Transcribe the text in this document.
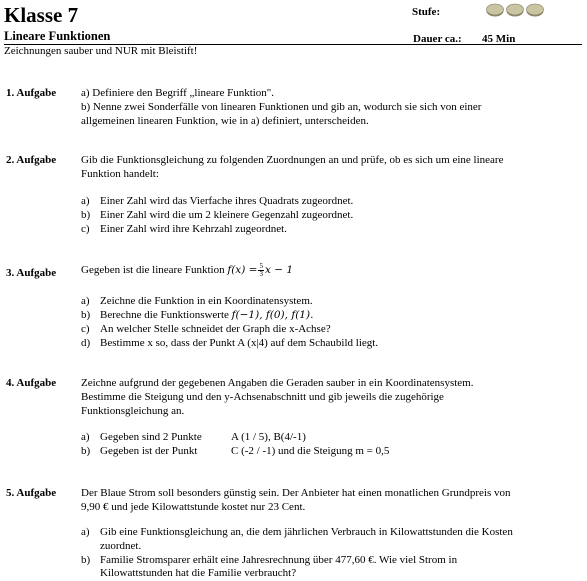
Klasse 7	Stufe:
Lineare Funktionen	Dauer ca.: 45 Min
Zeichnungen sauber und NUR mit Bleistift!
1. Aufgabe a) Definiere den Begriff „lineare Funktion".
b) Nenne zwei Sonderfälle von linearen Funktionen und gib an, wodurch sie sich von einer
allgemeinen linearen Funktion, wie in a) definiert, unterscheiden.
2. Aufgabe Gib die Funktionsgleichung zu folgenden Zuordnungen an und prüfe, ob es sich um eine lineare
Funktion handelt:
a) Einer Zahl wird das Vierfache ihres Quadrats zugeordnet.
b) Einer Zahl wird die um 2 kleinere Gegenzahl zugeordnet.
c) Einer Zahl wird ihre Kehrzahl zugeordnet.
3. Aufgabe Gegeben ist die lineare Funktion $f(x) = \frac{5}{3}$ x − 1
a) Zeichne die Funktion in ein Koordinatensystem.
b) Berechne die Funktionswerte f(−1), f(0), f(1).
c) An welcher Stelle schneidet der Graph die x-Achse?
d) Bestimme x so, dass der Punkt A (x|4) auf dem Schaubild liegt.
4. Aufgabe Zeichne aufgrund der gegebenen Angaben die Geraden sauber in ein Koordinatensystem.
Bestimme die Steigung und den y-Achsenabschnitt und gib jeweils die zugehörige
Funktionsgleichung an.
a) Gegeben sind 2 Punkte	A (1 / 5), B(4/-1)
b) Gegeben ist der Punkt	C (-2 / -1) und die Steigung m = 0,5
5. Aufgabe Der Blaue Strom soll besonders günstig sein. Der Anbieter hat einen monatlichen Grundpreis von
9,90 € und jede Kilowattstunde kostet nur 23 Cent.
a) Gib eine Funktionsgleichung an, die dem jährlichen Verbrauch in Kilowattstunden die Kosten
zuordnet.
b) Familie Stromsparer erhält eine Jahresrechnung über 477,60 €. Wie viel Strom in
Kilowattstunden hat die Familie verbraucht?
